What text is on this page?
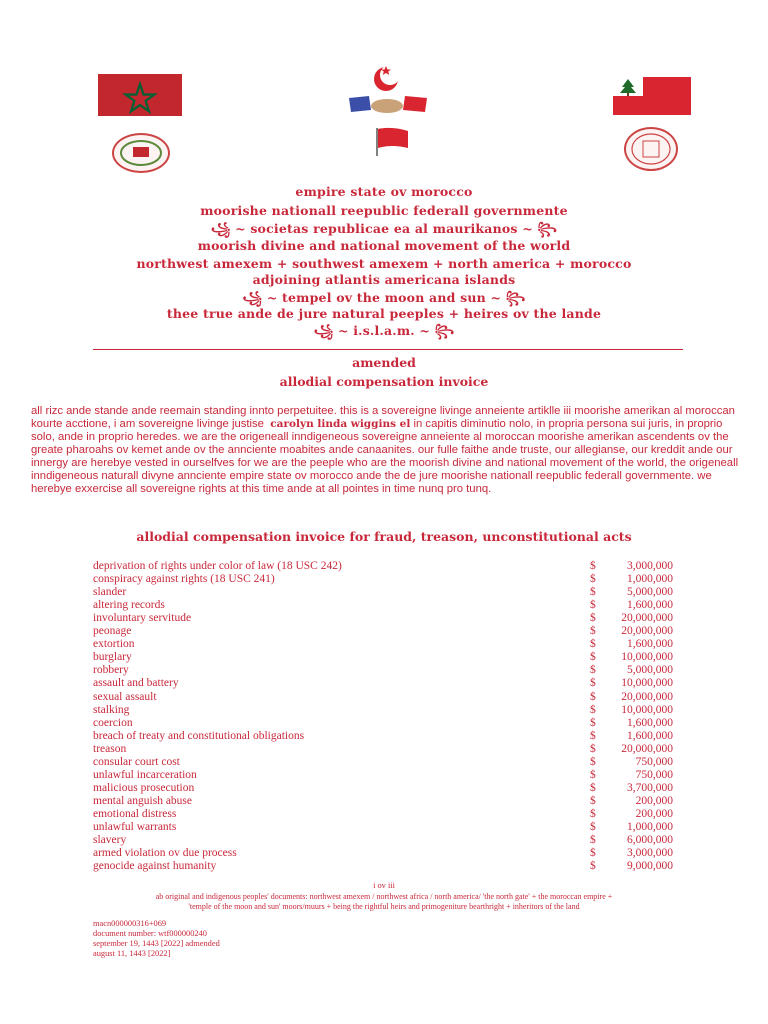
empire state ov morocco
moorishe nationall reepublic federall governmente
꧁ ~ societas republicae ea al maurikanos ~ ꧂
moorish divine and national movement of the world
northwest amexem + southwest amexem + north america + morocco
adjoining atlantis americana islands
꧁ ~ tempel ov the moon and sun ~ ꧂
thee true ande de jure natural peeples + heires ov the lande
꧁ ~ i.s.l.a.m. ~ ꧂
amended
allodial compensation invoice
all rizc ande stande ande reemain standing innto perpetuitee. this is a sovereigne livinge anneiente artiklle iii moorishe amerikan al moroccan kourte acctione, i am sovereigne livinge justise carolyn linda wiggins el in capitis diminutio nolo, in propria persona sui juris, in proprio solo, ande in proprio heredes. we are the origeneall inndigeneous sovereigne anneiente al moroccan moorishe amerikan ascendents ov the greate pharoahs ov kemet ande ov the annciente moabites ande canaanites. our fulle faithe ande truste, our allegianse, our kreddit ande our innergy are herebye vested in ourselfves for we are the peeple who are the moorish divine and national movement of the world, the origeneall inndigeneous naturall divyne annciente empire state ov morocco ande the de jure moorishe nationall reepublic federall governmente. we herebye exxercise all sovereigne rights at this time ande at all pointes in time nunq pro tunq.
allodial compensation invoice for fraud, treason, unconstitutional acts
deprivation of rights under color of law (18 USC 242)	$	3,000,000
conspiracy against rights (18 USC 241)	$	1,000,000
slander	$	5,000,000
altering records	$	1,600,000
involuntary servitude	$ 20,000,000
peonage	$ 20,000,000
extortion	$	1,600,000
burglary	$ 10,000,000
robbery	$	5,000,000
assault and battery	$ 10,000,000
sexual assault	$ 20,000,000
stalking	$ 10,000,000
coercion	$	1,600,000
breach of treaty and constitutional obligations	$	1,600,000
treason	$ 20,000,000
consular court cost	$	750,000
unlawful incarceration	$	750,000
malicious prosecution	$	3,700,000
mental anguish abuse	$	200,000
emotional distress	$	200,000
unlawful warrants	$	1,000,000
slavery	$	6,000,000
armed violation ov due process	$	3,000,000
genocide against humanity	$	9,000,000
i ov iii
ab original and indigenous peoples' documents: northwest amexem / northwest africa / north america/ 'the north gate' + the moroccan empire +
'temple of the moon and sun' moors/muurs + being the rightful heirs and primogeniture bearthright + inheritors of the land
macn000000316+069
document number: wtf000000240
september 19, 1443 [2022] admended
august 11, 1443 [2022]
